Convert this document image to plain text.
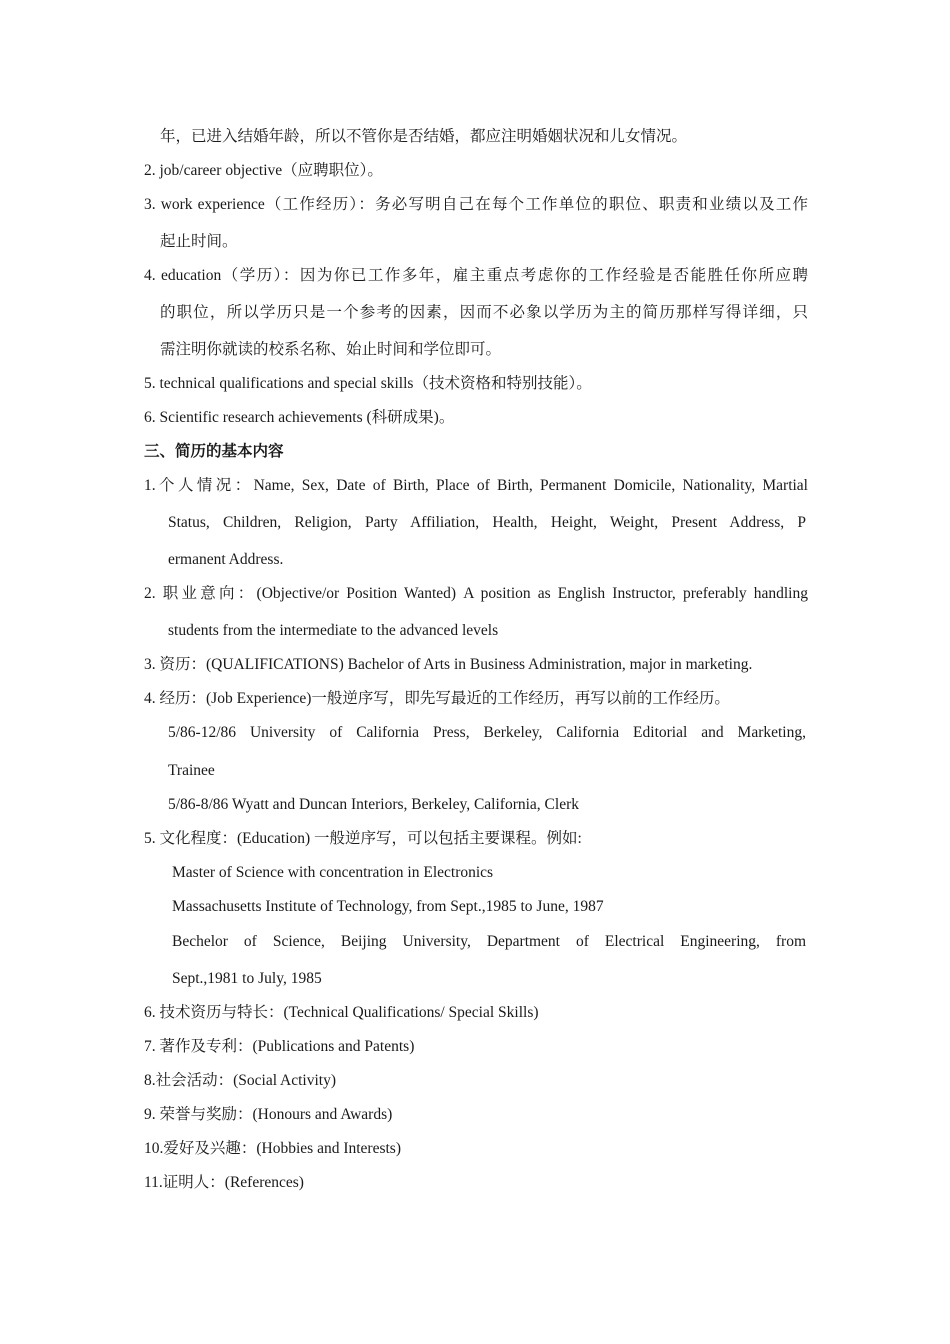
年，已进入结婚年龄，所以不管你是否结婚，都应注明婚姻状况和儿女情况。
2. job/career objective（应聘职位）。
3. work experience（工作经历）：务必写明自己在每个工作单位的职位、职责和业绩以及工作
起止时间。
4. education（学历）：因为你已工作多年，雇主重点考虑你的工作经验是否能胜任你所应聘
的职位，所以学历只是一个参考的因素，因而不必象以学历为主的简历那样写得详细，只
需注明你就读的校系名称、始止时间和学位即可。
5. technical qualifications and special skills（技术资格和特别技能）。
6. Scientific research achievements (科研成果)。
三、简历的基本内容
1.个人情况：Name, Sex, Date of Birth, Place of Birth, Permanent Domicile, Nationality, Martial
Status, Children, Religion, Party Affiliation, Health, Height, Weight, Present Address, P
ermanent Address.
2. 职业意向：(Objective/or Position Wanted) A position as English Instructor, preferably handling
students from the intermediate to the advanced levels
3. 资历：(QUALIFICATIONS) Bachelor of Arts in Business Administration, major in marketing.
4. 经历：(Job Experience)一般逆序写，即先写最近的工作经历，再写以前的工作经历。
5/86-12/86 University of California Press, Berkeley, California Editorial and Marketing,
Trainee
5/86-8/86 Wyatt and Duncan Interiors, Berkeley, California, Clerk
5. 文化程度：(Education) 一般逆序写，可以包括主要课程。例如:
Master of Science with concentration in Electronics
Massachusetts Institute of Technology, from Sept.,1985 to June, 1987
Bechelor of Science, Beijing University, Department of Electrical Engineering, from
Sept.,1981 to July, 1985
6. 技术资历与特长：(Technical Qualifications/ Special Skills)
7. 著作及专利：(Publications and Patents)
8.社会活动：(Social Activity)
9. 荣誉与奖励：(Honours and Awards)
10.爱好及兴趣：(Hobbies and Interests)
11.证明人：(References)
